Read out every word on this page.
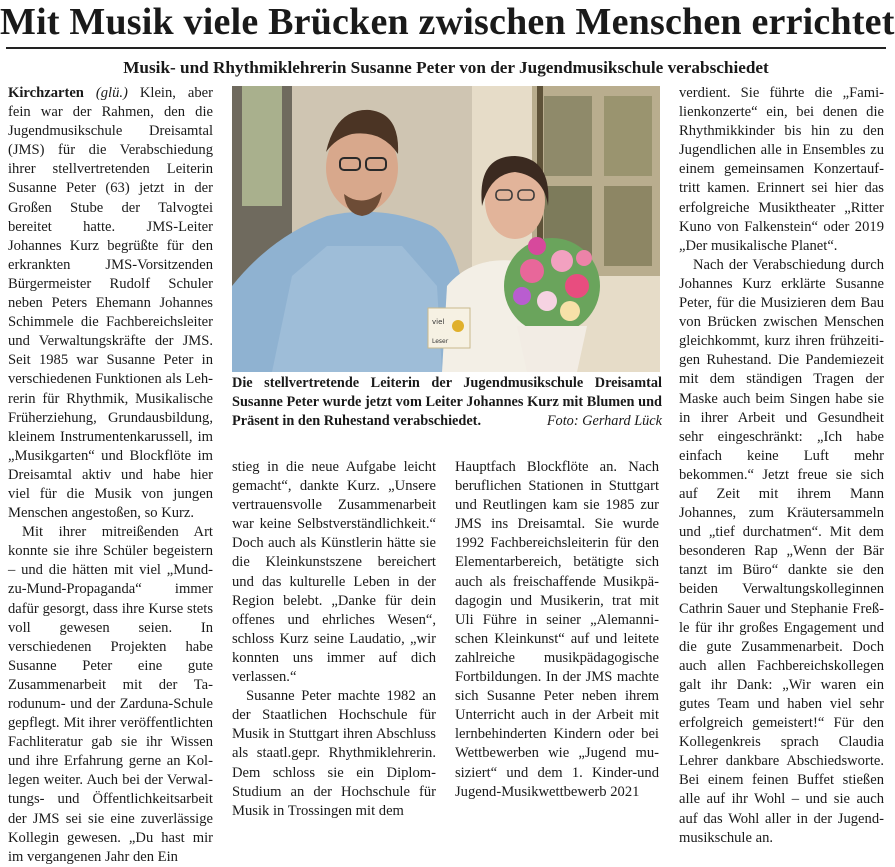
Mit Musik viele Brücken zwischen Menschen errichtet
Musik- und Rhythmiklehrerin Susanne Peter von der Jugendmusikschule verabschiedet

Kirchzarten (glü.) Klein, aber fein war der Rahmen, den die Jugendmusikschule Dreisamtal (JMS) für die Verabschiedung ihrer stellvertretenden Leiterin Susanne Peter (63) jetzt in der Großen Stube der Talvogtei bereitet hatte. JMS-Leiter Johannes Kurz begrüßte für den erkrankten JMS-Vorsitzenden Bürgermeister Rudolf Schuler neben Peters Ehemann Johannes Schimmele die Fachbereichsleiter und Verwaltungskräfte der JMS. Seit 1985 war Susanne Peter in verschiedenen Funktionen als Lehrerin für Rhythmik, Musikalische Früherziehung, Grundausbildung, kleinem Instrumentenkarussell, im „Musikgarten“ und Blockflöte im Dreisamtal aktiv und habe hier viel für die Musik von jungen Menschen angestoßen, so Kurz.

Mit ihrer mitreißenden Art konnte sie ihre Schüler begeistern – und die hätten mit viel „Mund-zu-Mund-Propaganda“ immer dafür gesorgt, dass ihre Kurse stets voll gewesen seien. In verschiedenen Projekten habe Susanne Peter eine gute Zusammenarbeit mit der Tarodunum- und der Zarduna-Schule gepflegt. Mit ihrer veröffentlichten Fachliteratur gab sie ihr Wissen und ihre Erfahrung gerne an Kollegen weiter. Auch bei der Verwaltungs- und Öffentlichkeitsarbeit der JMS sei sie eine zuverlässige Kollegin gewesen. „Du hast mir im vergangenen Jahr den Ein

viel
Leser
Die stellvertretende Leiterin der Jugendmusikschule Dreisamtal Susanne Peter wurde jetzt vom Leiter Johannes Kurz mit Blumen und Präsent in den Ruhestand verabschiedet.	Foto: Gerhard Lück

stieg in die neue Aufgabe leicht gemacht“, dankte Kurz. „Unsere vertrauensvolle Zusammenarbeit war keine Selbstverständlichkeit.“ Doch auch als Künstlerin hätte sie die Kleinkunstszene bereichert und das kulturelle Leben in der Region belebt. „Danke für dein offenes und ehrliches Wesen“, schloss Kurz seine Laudatio, „wir konnten uns immer auf dich verlassen.“

Susanne Peter machte 1982 an der Staatlichen Hochschule für Musik in Stuttgart ihren Abschluss als staatl.gepr. Rhythmiklehrerin. Dem schloss sie ein Diplom-Studium an der Hochschule für Musik in Trossingen mit dem

Hauptfach Blockflöte an. Nach beruflichen Stationen in Stuttgart und Reutlingen kam sie 1985 zur JMS ins Dreisamtal. Sie wurde 1992 Fachbereichsleiterin für den Elementarbereich, betätigte sich auch als freischaffende Musikpädagogin und Musikerin, trat mit Uli Führe in seiner „Alemannischen Kleinkunst“ auf und leitete zahlreiche musikpädagogische Fortbildungen. In der JMS machte sich Susanne Peter neben ihrem Unterricht auch in der Arbeit mit lernbehinderten Kindern oder bei Wettbewerben wie „Jugend musiziert“ und dem 1. Kinder-und Jugend-Musikwettbewerb 2021

verdient. Sie führte die „Familienkonzerte“ ein, bei denen die Rhythmikkinder bis hin zu den Jugendlichen alle in Ensembles zu einem gemeinsamen Konzertauftritt kamen. Erinnert sei hier das erfolgreiche Musiktheater „Ritter Kuno von Falkenstein“ oder 2019 „Der musikalische Planet“.

Nach der Verabschiedung durch Johannes Kurz erklärte Susanne Peter, für die Musizieren dem Bau von Brücken zwischen Menschen gleichkommt, kurz ihren frühzeitigen Ruhestand. Die Pandemiezeit mit dem ständigen Tragen der Maske auch beim Singen habe sie in ihrer Arbeit und Gesundheit sehr eingeschränkt: „Ich habe einfach keine Luft mehr bekommen.“ Jetzt freue sie sich auf Zeit mit ihrem Mann Johannes, zum Kräutersammeln und „tief durchatmen“. Mit dem besonderen Rap „Wenn der Bär tanzt im Büro“ dankte sie den beiden Verwaltungskolleginnen Cathrin Sauer und Stephanie Freßle für ihr großes Engagement und die gute Zusammenarbeit. Doch auch allen Fachbereichskollegen galt ihr Dank: „Wir waren ein gutes Team und haben viel sehr erfolgreich gemeistert!“ Für den Kollegenkreis sprach Claudia Lehrer dankbare Abschiedsworte. Bei einem feinen Buffet stießen alle auf ihr Wohl – und sie auch auf das Wohl aller in der Jugendmusikschule an.
